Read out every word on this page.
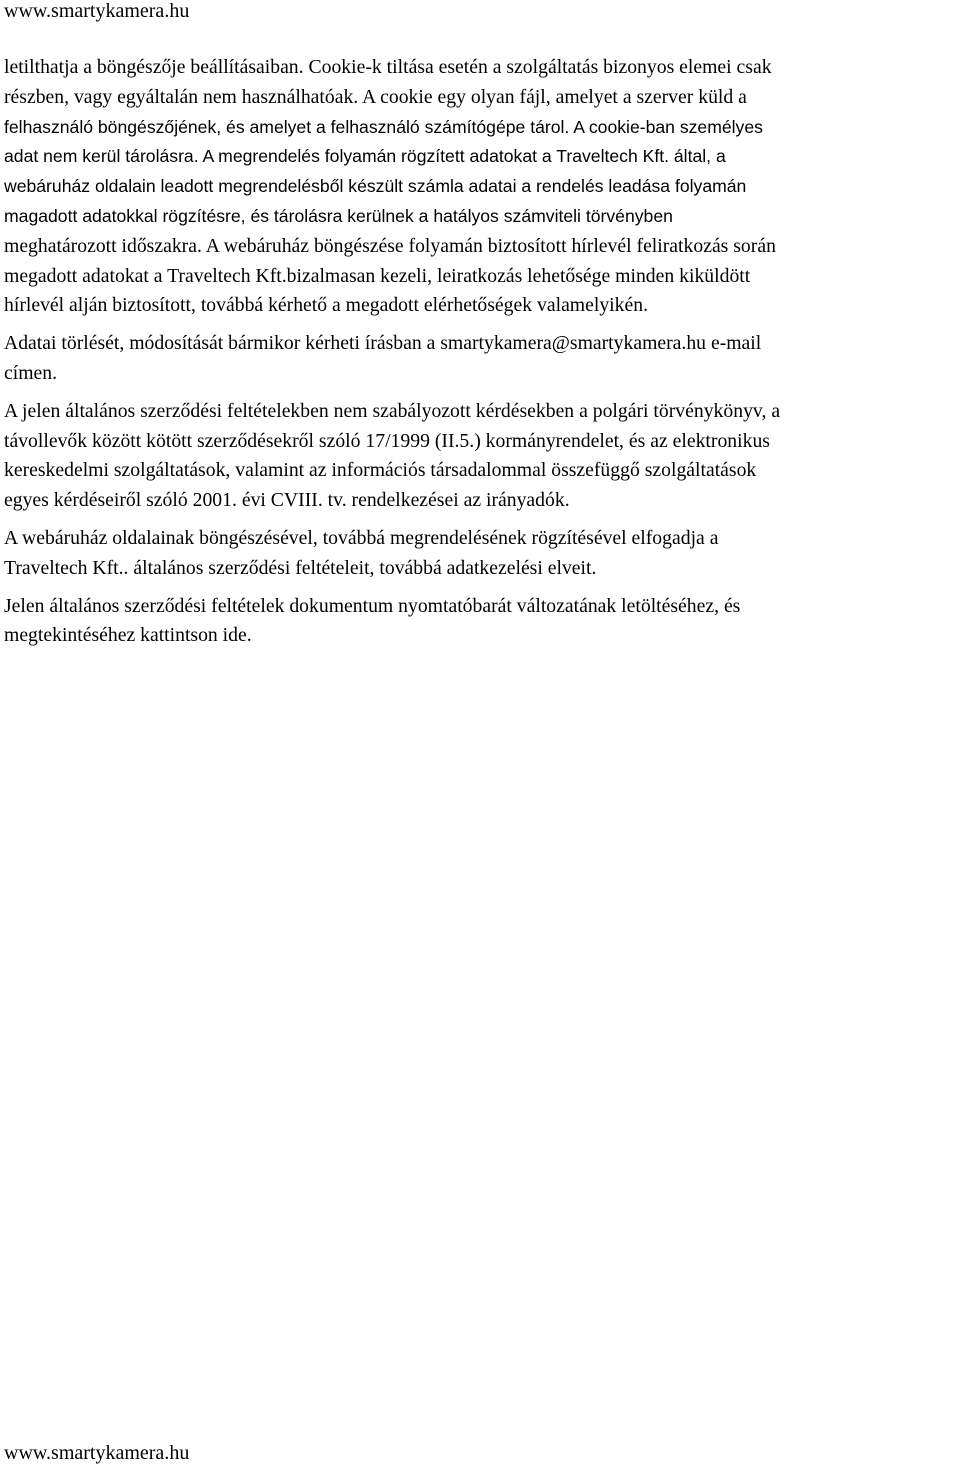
www.smartykamera.hu

letilthatja a böngészője beállításaiban. Cookie-k tiltása esetén a szolgáltatás bizonyos elemei csak
részben, vagy egyáltalán nem használhatóak. A cookie egy olyan fájl, amelyet a szerver küld a
felhasználó böngészőjének, és amelyet a felhasználó számítógépe tárol. A cookie-ban személyes
adat nem kerül tárolásra. A megrendelés folyamán rögzített adatokat a Traveltech Kft. által, a
webáruház oldalain leadott megrendelésből készült számla adatai a rendelés leadása folyamán
magadott adatokkal rögzítésre, és tárolásra kerülnek a hatályos számviteli törvényben
meghatározott időszakra. A webáruház böngészése folyamán biztosított hírlevél feliratkozás során
megadott adatokat a Traveltech Kft.bizalmasan kezeli, leiratkozás lehetősége minden kiküldött
hírlevél alján biztosított, továbbá kérhető a megadott elérhetőségek valamelyikén.

Adatai törlését, módosítását bármikor kérheti írásban a smartykamera@smartykamera.hu e-mail
címen.

A jelen általános szerződési feltételekben nem szabályozott kérdésekben a polgári törvénykönyv, a
távollevők között kötött szerződésekről szóló 17/1999 (II.5.) kormányrendelet, és az elektronikus
kereskedelmi szolgáltatások, valamint az információs társadalommal összefüggő szolgáltatások
egyes kérdéseiről szóló 2001. évi CVIII. tv. rendelkezései az irányadók.

A webáruház oldalainak böngészésével, továbbá megrendelésének rögzítésével elfogadja a
Traveltech Kft.. általános szerződési feltételeit, továbbá adatkezelési elveit.

Jelen általános szerződési feltételek dokumentum nyomtatóbarát változatának letöltéséhez, és
megtekintéséhez kattintson ide.

www.smartykamera.hu
